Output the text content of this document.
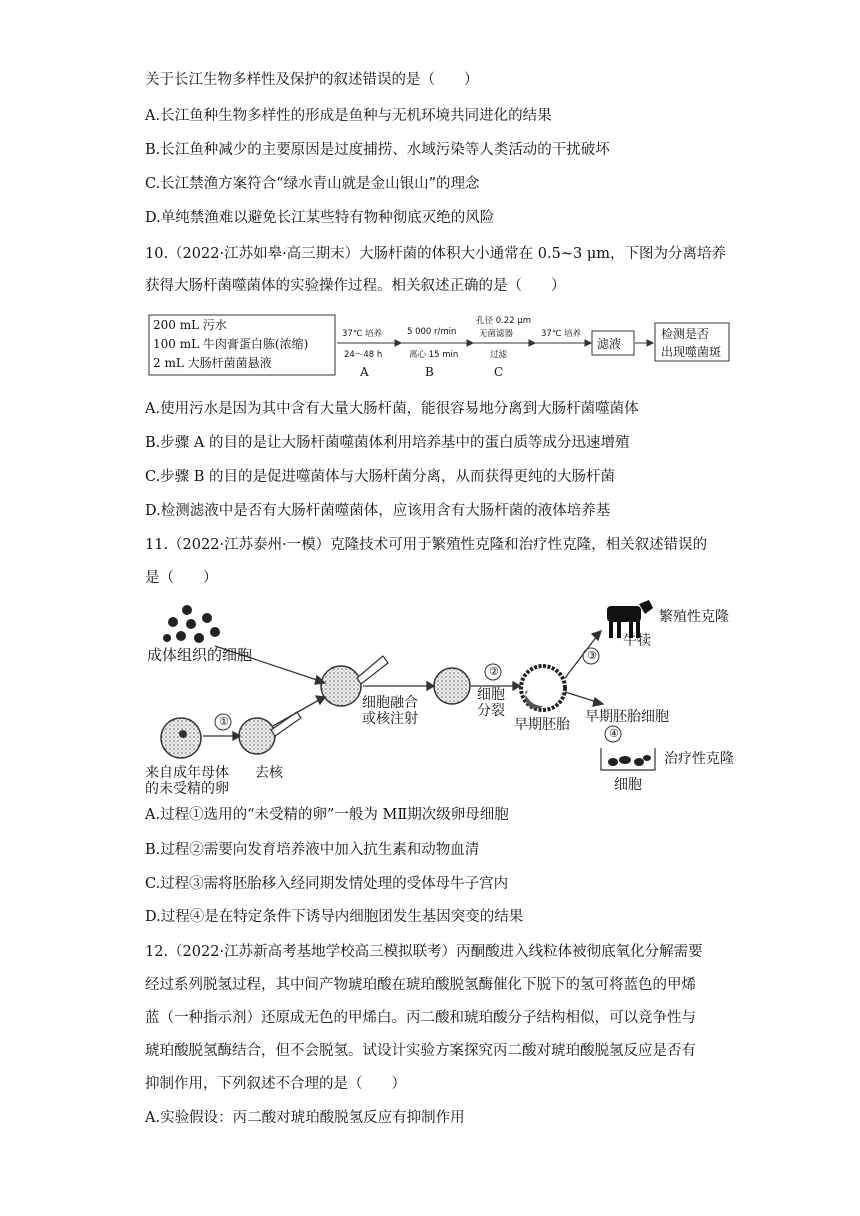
关于长江生物多样性及保护的叙述错误的是（　　）
A.长江鱼种生物多样性的形成是鱼种与无机环境共同进化的结果
B.长江鱼种减少的主要原因是过度捕捞、水域污染等人类活动的干扰破坏
C.长江禁渔方案符合“绿水青山就是金山银山”的理念
D.单纯禁渔难以避免长江某些特有物种彻底灭绝的风险
10.（2022·江苏如皋·高三期末）大肠杆菌的体积大小通常在 0.5~3 μm，下图为分离培养
获得大肠杆菌噬菌体的实验操作过程。相关叙述正确的是（　　）
200 mL 污水
100 mL 牛肉膏蛋白胨(浓缩)
2 mL 大肠杆菌菌悬液
37℃ 培养
24～48 h
A
5 000 r/min
离心 15 min
B
孔径 0.22 μm
无菌滤器
过滤
C
37℃ 培养
滤液
检测是否
出现噬菌斑
A.使用污水是因为其中含有大量大肠杆菌，能很容易地分离到大肠杆菌噬菌体
B.步骤 A 的目的是让大肠杆菌噬菌体利用培养基中的蛋白质等成分迅速增殖
C.步骤 B 的目的是促进噬菌体与大肠杆菌分离，从而获得更纯的大肠杆菌
D.检测滤液中是否有大肠杆菌噬菌体，应该用含有大肠杆菌的液体培养基
11.（2022·江苏泰州·一模）克隆技术可用于繁殖性克隆和治疗性克隆，相关叙述错误的
是（　　）
①
②
③
④
成体组织的细胞
来自成年母体
的未受精的卵
去核
细胞融合
或核注射
细胞
分裂
早期胚胎
繁殖性克隆
牛犊
早期胚胎细胞
治疗性克隆
细胞
A.过程①选用的“未受精的卵”一般为 MⅡ期次级卵母细胞
B.过程②需要向发育培养液中加入抗生素和动物血清
C.过程③需将胚胎移入经同期发情处理的受体母牛子宫内
D.过程④是在特定条件下诱导内细胞团发生基因突变的结果
12.（2022·江苏新高考基地学校高三模拟联考）丙酮酸进入线粒体被彻底氧化分解需要
经过系列脱氢过程，其中间产物琥珀酸在琥珀酸脱氢酶催化下脱下的氢可将蓝色的甲烯
蓝（一种指示剂）还原成无色的甲烯白。丙二酸和琥珀酸分子结构相似，可以竞争性与
琥珀酸脱氢酶结合，但不会脱氢。试设计实验方案探究丙二酸对琥珀酸脱氢反应是否有
抑制作用，下列叙述不合理的是（　　）
A.实验假设：丙二酸对琥珀酸脱氢反应有抑制作用
